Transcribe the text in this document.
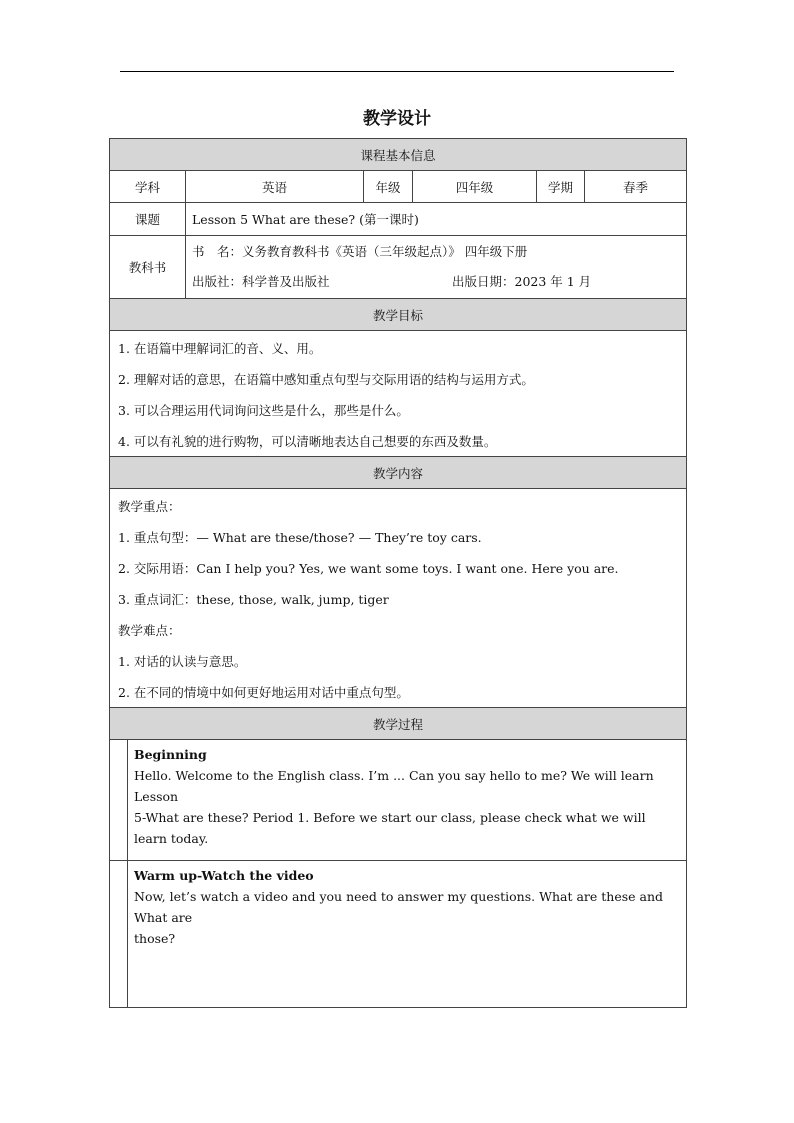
教学设计
课程基本信息
学科	英语	年级	四年级	学期	春季
课题	Lesson 5 What are these? (第一课时)
教科书
书　名：义务教育教科书《英语（三年级起点）》 四年级下册
出版社：科学普及出版社	出版日期：2023 年 1 月
教学目标
1. 在语篇中理解词汇的音、义、用。
2. 理解对话的意思，在语篇中感知重点句型与交际用语的结构与运用方式。
3. 可以合理运用代词询问这些是什么，那些是什么。
4. 可以有礼貌的进行购物，可以清晰地表达自己想要的东西及数量。
教学内容
教学重点：
1. 重点句型：— What are these/those? — They’re toy cars.
2. 交际用语：Can I help you? Yes, we want some toys. I want one. Here you are.
3. 重点词汇：these, those, walk, jump, tiger
教学难点：
1. 对话的认读与意思。
2. 在不同的情境中如何更好地运用对话中重点句型。
教学过程
Beginning
Hello. Welcome to the English class. I’m ... Can you say hello to me? We will learn Lesson
5-What are these? Period 1. Before we start our class, please check what we will learn today.
Warm up-Watch the video
Now, let’s watch a video and you need to answer my questions. What are these and What are
those?
